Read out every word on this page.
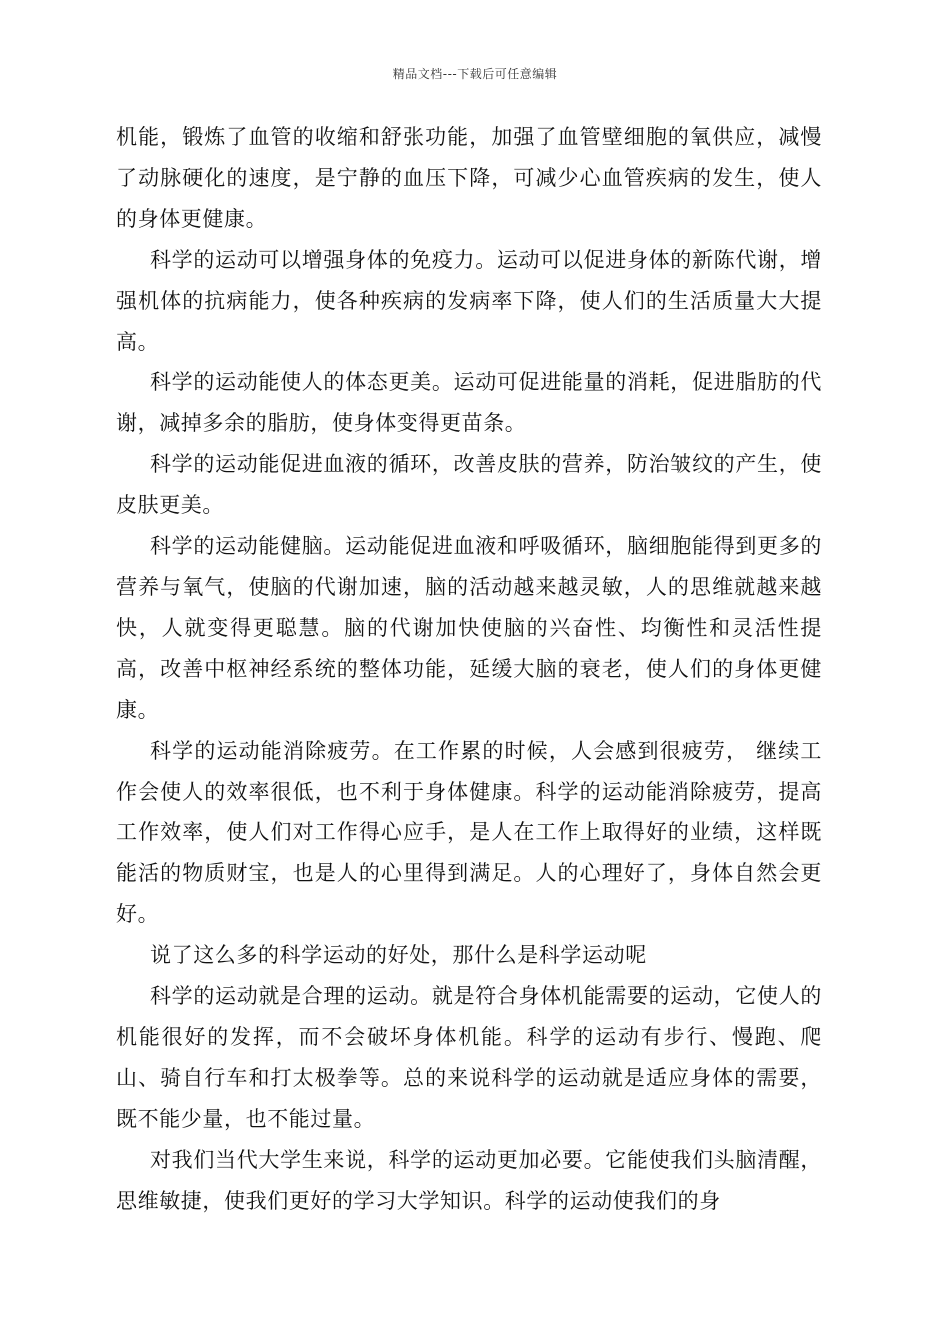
精品文档---下载后可任意编辑

机能，锻炼了血管的收缩和舒张功能，加强了血管壁细胞的氧供应，减慢了动脉硬化的速度，是宁静的血压下降，可减少心血管疾病的发生，使人的身体更健康。

科学的运动可以增强身体的免疫力。运动可以促进身体的新陈代谢，增强机体的抗病能力，使各种疾病的发病率下降，使人们的生活质量大大提高。

科学的运动能使人的体态更美。运动可促进能量的消耗，促进脂肪的代谢，减掉多余的脂肪，使身体变得更苗条。

科学的运动能促进血液的循环，改善皮肤的营养，防治皱纹的产生，使皮肤更美。

科学的运动能健脑。运动能促进血液和呼吸循环，脑细胞能得到更多的营养与氧气，使脑的代谢加速，脑的活动越来越灵敏，人的思维就越来越快，人就变得更聪慧。脑的代谢加快使脑的兴奋性、均衡性和灵活性提高，改善中枢神经系统的整体功能，延缓大脑的衰老，使人们的身体更健康。

科学的运动能消除疲劳。在工作累的时候，人会感到很疲劳， 继续工作会使人的效率很低，也不利于身体健康。科学的运动能消除疲劳，提高工作效率，使人们对工作得心应手，是人在工作上取得好的业绩，这样既能活的物质财宝，也是人的心里得到满足。人的心理好了，身体自然会更好。

说了这么多的科学运动的好处，那什么是科学运动呢

科学的运动就是合理的运动。就是符合身体机能需要的运动，它使人的机能很好的发挥，而不会破坏身体机能。科学的运动有步行、慢跑、爬山、骑自行车和打太极拳等。总的来说科学的运动就是适应身体的需要，既不能少量，也不能过量。

对我们当代大学生来说，科学的运动更加必要。它能使我们头脑清醒，思维敏捷，使我们更好的学习大学知识。科学的运动使我们的身
